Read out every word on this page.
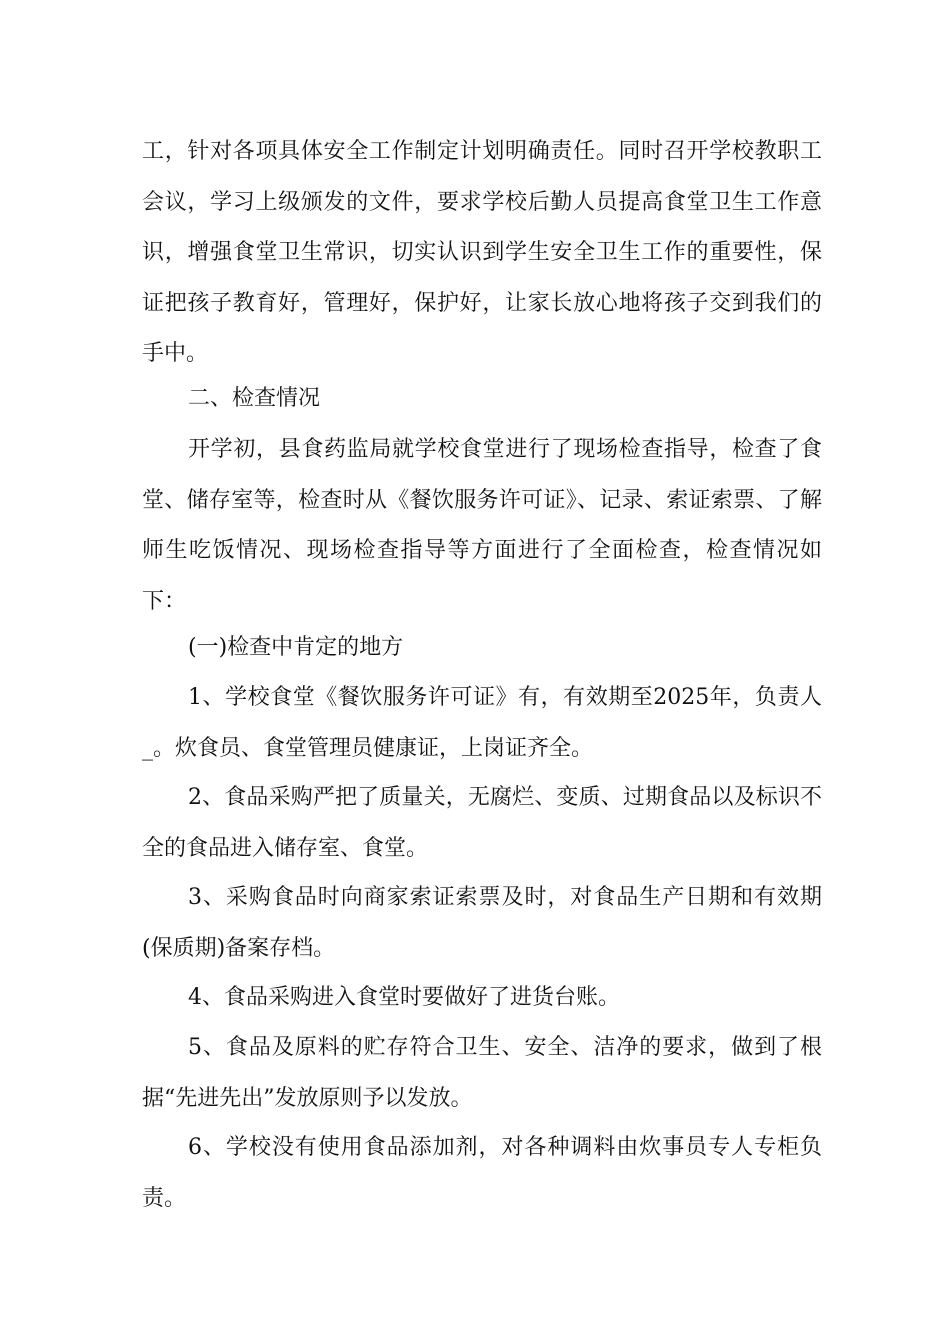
工，针对各项具体安全工作制定计划明确责任。同时召开学校教职工会议，学习上级颁发的文件，要求学校后勤人员提高食堂卫生工作意识，增强食堂卫生常识，切实认识到学生安全卫生工作的重要性，保证把孩子教育好，管理好，保护好，让家长放心地将孩子交到我们的手中。

二、检查情况

开学初，县食药监局就学校食堂进行了现场检查指导，检查了食堂、储存室等，检查时从《餐饮服务许可证》、记录、索证索票、了解师生吃饭情况、现场检查指导等方面进行了全面检查，检查情况如下：

(一)检查中肯定的地方

1、学校食堂《餐饮服务许可证》有，有效期至2025年，负责人_。炊食员、食堂管理员健康证，上岗证齐全。

2、食品采购严把了质量关，无腐烂、变质、过期食品以及标识不全的食品进入储存室、食堂。

3、采购食品时向商家索证索票及时，对食品生产日期和有效期(保质期)备案存档。

4、食品采购进入食堂时要做好了进货台账。

5、食品及原料的贮存符合卫生、安全、洁净的要求，做到了根据“先进先出”发放原则予以发放。

6、学校没有使用食品添加剂，对各种调料由炊事员专人专柜负责。
